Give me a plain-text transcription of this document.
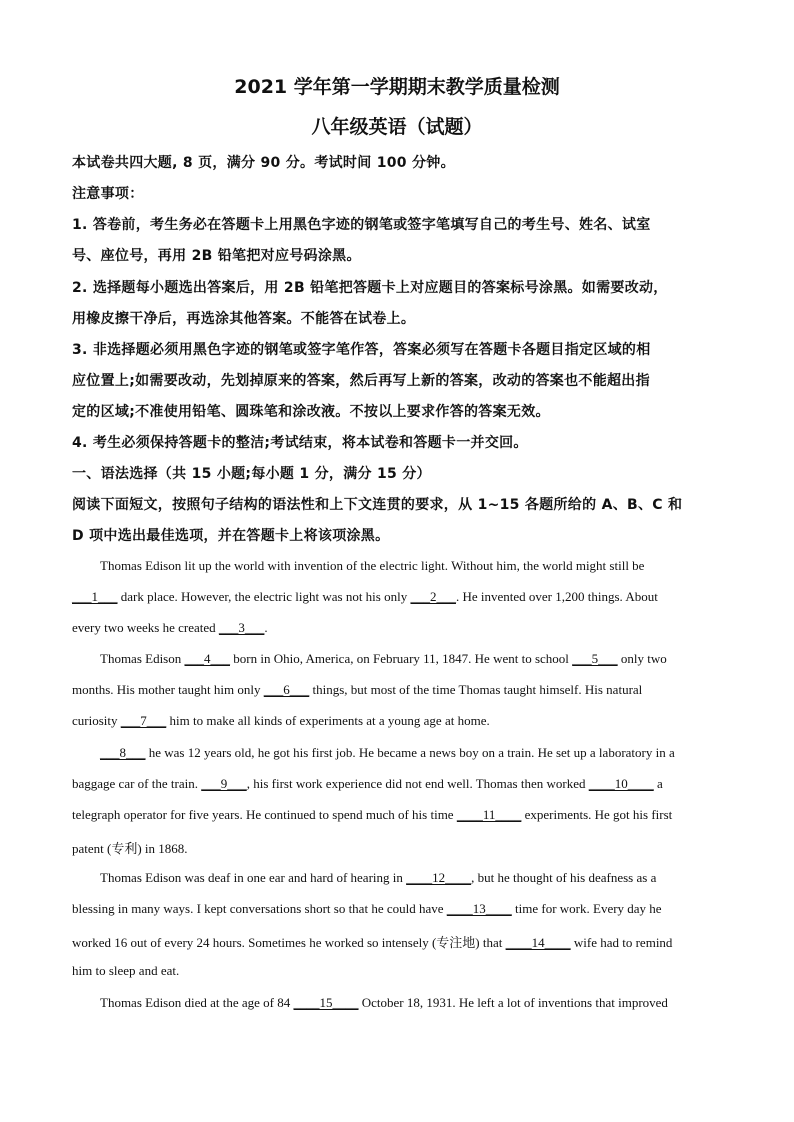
2021 学年第一学期期末教学质量检测
八年级英语（试题）
本试卷共四大题, 8 页，满分 90 分。考试时间 100 分钟。
注意事项：
1. 答卷前，考生务必在答题卡上用黑色字迹的钢笔或签字笔填写自己的考生号、姓名、试室
号、座位号，再用 2B 铅笔把对应号码涂黑。
2. 选择题每小题选出答案后，用 2B 铅笔把答题卡上对应题目的答案标号涂黑。如需要改动，
用橡皮擦干净后，再选涂其他答案。不能答在试卷上。
3. 非选择题必须用黑色字迹的钢笔或签字笔作答，答案必须写在答题卡各题目指定区域的相
应位置上;如需要改动，先划掉原来的答案，然后再写上新的答案，改动的答案也不能超出指
定的区域;不准使用铅笔、圆珠笔和涂改液。不按以上要求作答的答案无效。
4. 考生必须保持答题卡的整洁;考试结束，将本试卷和答题卡一并交回。
一、语法选择（共 15 小题;每小题 1 分，满分 15 分）
阅读下面短文，按照句子结构的语法性和上下文连贯的要求，从 1~15 各题所给的 A、B、C 和
D 项中选出最佳选项，并在答题卡上将该项涂黑。
Thomas Edison lit up the world with invention of the electric light. Without him, the world might still be
___1___ dark place. However, the electric light was not his only ___2___. He invented over 1,200 things. About
every two weeks he created ___3___.
Thomas Edison ___4___ born in Ohio, America, on February 11, 1847. He went to school ___5___ only two
months. His mother taught him only ___6___ things, but most of the time Thomas taught himself. His natural
curiosity ___7___ him to make all kinds of experiments at a young age at home.
___8___ he was 12 years old, he got his first job. He became a news boy on a train. He set up a laboratory in a
baggage car of the train. ___9___, his first work experience did not end well. Thomas then worked ____10____ a
telegraph operator for five years. He continued to spend much of his time ____11____ experiments. He got his first
patent (专利) in 1868.
Thomas Edison was deaf in one ear and hard of hearing in ____12____, but he thought of his deafness as a
blessing in many ways. I kept conversations short so that he could have ____13____ time for work. Every day he
worked 16 out of every 24 hours. Sometimes he worked so intensely (专注地) that ____14____ wife had to remind
him to sleep and eat.
Thomas Edison died at the age of 84 ____15____ October 18, 1931. He left a lot of inventions that improved
